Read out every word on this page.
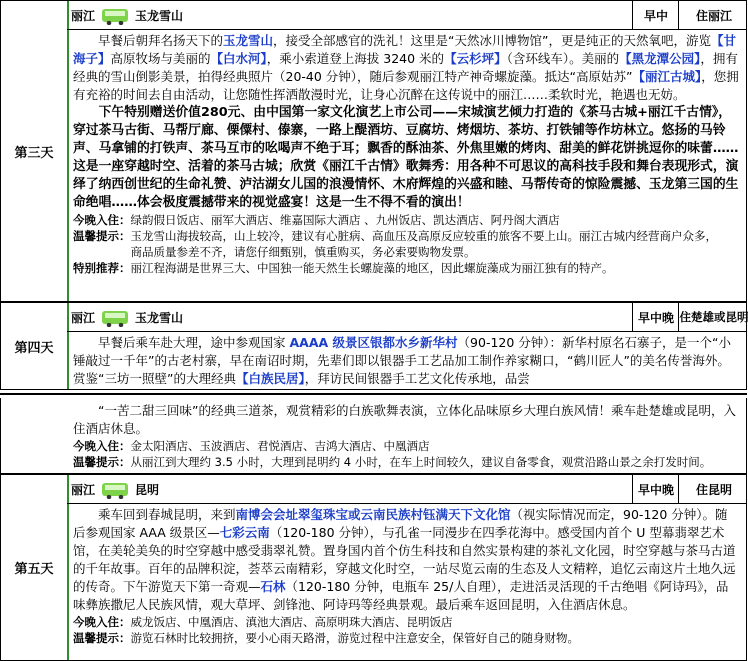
第三天
丽江	玉龙雪山	早中	住丽江

早餐后朝拜名扬天下的玉龙雪山，接受全部感官的洗礼！这里是“天然冰川博物馆”，更是纯正的天然氧吧，游览【甘海子】高原牧场与美丽的【白水河】，乘小索道登上海拔 3240 米的【云杉坪】（含环线车）。美丽的【黑龙潭公园】，拥有经典的雪山倒影美景，拍得经典照片（20-40 分钟），随后参观丽江特产神奇螺旋藻。抵达“高原姑苏”【丽江古城】，您拥有充裕的时间去自由活动，让您随性挥洒散漫时光，让身心沉醉在这传说中的丽江……柔软时光，艳遇也无妨。

下午特别赠送价值280元、由中国第一家文化演艺上市公司——宋城演艺倾力打造的《茶马古城+丽江千古情》，穿过茶马古街、马帮厅廊、傈僳村、傣寨，一路上醍酒坊、豆腐坊、烤烟坊、茶坊、打铁铺等作坊林立。悠扬的马铃声、马拿铺的打铁声、茶马互市的吆喝声不绝于耳；飘香的酥油茶、外焦里嫩的烤肉、甜美的鲜花饼挑逗你的味蕾……这是一座穿越时空、活着的茶马古城；欣赏《丽江千古情》歌舞秀：用各种不可思议的高科技手段和舞台表现形式，演绎了纳西创世纪的生命礼赞、泸沽湖女儿国的浪漫情怀、木府辉煌的兴盛和睦、马帮传奇的惊险震撼、玉龙第三国的生命绝唱……体会极度震撼带来的视觉盛宴！这是一生不得不看的演出！

今晚入住：绿韵假日饭店、丽军大酒店、维嘉国际大酒店 、九州饭店、凯达酒店、阿丹阁大酒店

温馨提示：玉龙雪山海拔较高，山上较冷，建议有心脏病、高血压及高原反应较重的旅客不要上山。丽江古城内经营商户众多，

商品质量参差不齐，请您仔细甄别，慎重购买，务必索要购物发票。

特别推荐：丽江程海湖是世界三大、中国独一能天然生长螺旋藻的地区，因此螺旋藻成为丽江独有的特产。

第四天
丽江	玉龙雪山	早中晚 住楚雄或昆明

早餐后乘车赴大理，途中参观国家 AAAA 级景区银都水乡新华村（90-120 分钟）：新华村原名石寨子，是一个“小锤敲过一千年”的古老村寨，早在南诏时期，先辈们即以银器手工艺品加工制作养家糊口，“鹤川匠人”的美名传誉海外。赏鉴“三坊一照壁”的大理经典【白族民居】，拜访民间银器手工艺文化传承地，品尝

“一苦二甜三回味”的经典三道茶，观赏精彩的白族歌舞表演，立体化品味原乡大理白族风情！乘车赴楚雄或昆明，入住酒店休息。

今晚入住：金太阳酒店、玉波酒店、君悦酒店、吉鸿大酒店、中凰酒店

温馨提示：从丽江到大理约 3.5 小时，大理到昆明约 4 小时，在车上时间较久，建议自备零食，观赏沿路山景之余打发时间。

第五天
丽江	昆明	早中晚	住昆明

乘车回到春城昆明，来到南博会会址翠玺珠宝或云南民族村钰满天下文化馆（视实际情况而定，90-120 分钟）。随后参观国家 AAA 级景区—七彩云南（120-180 分钟），与孔雀一同漫步在四季花海中。感受国内首个 U 型幕翡翠艺术馆，在美轮美奂的时空穿越中感受翡翠礼赞。置身国内首个仿生科技和自然实景构建的茶礼文化园，时空穿越与茶马古道的千年故事。百年的品牌积淀，荟萃云南精彩，穿越文化时空，一站尽览云南的生态及人文精粹，追忆云南这片土地久远的传奇。下午游览天下第一奇观—石林（120-180 分钟，电瓶车 25/人自理），走进活灵活现的千古绝唱《阿诗玛》，品味彝族撒尼人民族风情，观大草坪、剑锋池、阿诗玛等经典景观。最后乘车返回昆明，入住酒店休息。

今晚入住：威龙饭店、中凰酒店、滇池大酒店、高原明珠大酒店、昆明饭店

温馨提示：游览石林时比较拥挤，要小心雨天路滑，游览过程中注意安全，保管好自己的随身财物。
